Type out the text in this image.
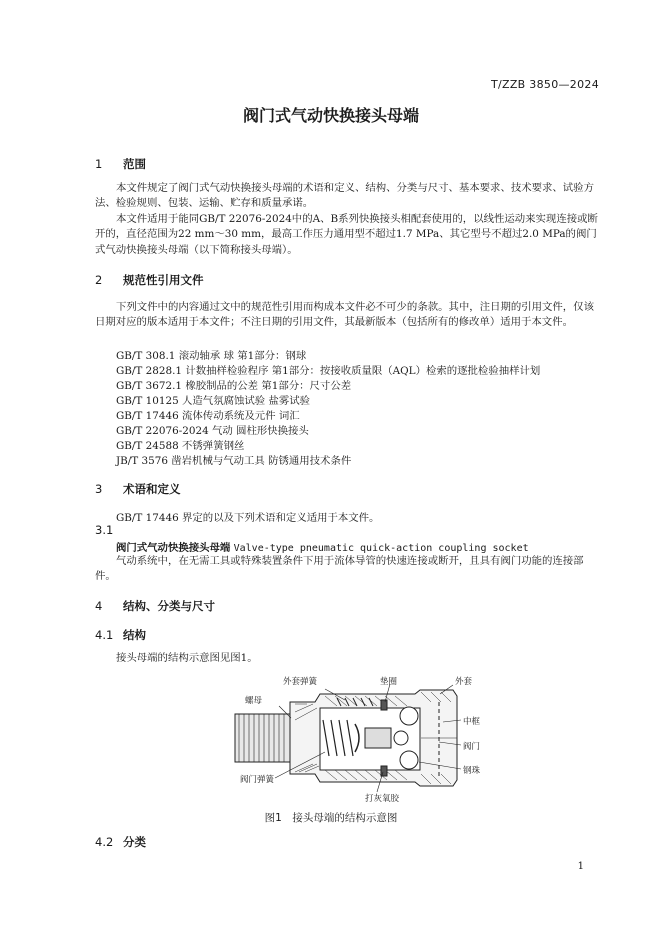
T/ZZB 3850—2024
阀门式气动快换接头母端
1 范围
本文件规定了阀门式气动快换接头母端的术语和定义、结构、分类与尺寸、基本要求、技术要求、试验方法、检验规则、包装、运输、贮存和质量承诺。
本文件适用于能同GB/T 22076-2024中的A、B系列快换接头相配套使用的，以线性运动来实现连接或断开的，直径范围为22 mm～30 mm，最高工作压力通用型不超过1.7 MPa、其它型号不超过2.0 MPa的阀门式气动快换接头母端（以下简称接头母端）。
2 规范性引用文件
下列文件中的内容通过文中的规范性引用而构成本文件必不可少的条款。其中，注日期的引用文件，仅该日期对应的版本适用于本文件；不注日期的引用文件，其最新版本（包括所有的修改单）适用于本文件。
GB/T 308.1 滚动轴承 球 第1部分：钢球
GB/T 2828.1 计数抽样检验程序 第1部分：按接收质量限（AQL）检索的逐批检验抽样计划
GB/T 3672.1 橡胶制品的公差 第1部分：尺寸公差
GB/T 10125 人造气氛腐蚀试验 盐雾试验
GB/T 17446 流体传动系统及元件 词汇
GB/T 22076-2024 气动 圆柱形快换接头
GB/T 24588 不锈弹簧钢丝
JB/T 3576 凿岩机械与气动工具 防锈通用技术条件
3 术语和定义
GB/T 17446 界定的以及下列术语和定义适用于本文件。
3.1
阀门式气动快换接头母端 Valve-type pneumatic quick-action coupling socket
气动系统中，在无需工具或特殊装置条件下用于流体导管的快速连接或断开，且具有阀门功能的连接部件。
4 结构、分类与尺寸
4.1 结构
接头母端的结构示意图见图1。
外套弹簧	垫圈	外套
螺母
中框
阀门
钢珠
阀门弹簧
打灰氧胶
图1　接头母端的结构示意图
4.2 分类
1
